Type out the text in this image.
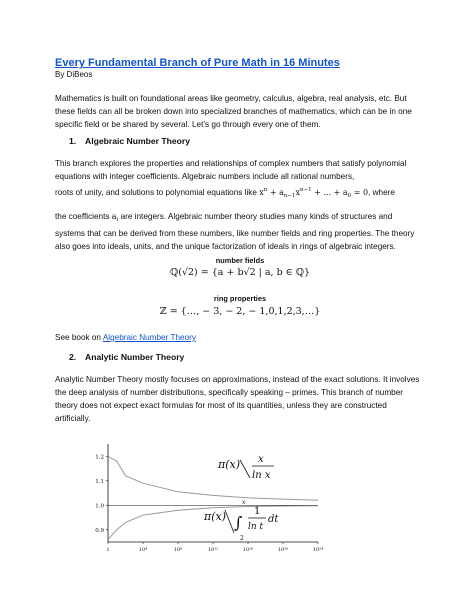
Every Fundamental Branch of Pure Math in 16 Minutes
By DiBeos
Mathematics is built on foundational areas like geometry, calculus, algebra, real analysis, etc. But these fields can all be broken down into specialized branches of mathematics, which can be in one specific field or be shared by several. Let’s go through every one of them.
1. Algebraic Number Theory
This branch explores the properties and relationships of complex numbers that satisfy polynomial equations with integer coefficients. Algebraic numbers include all rational numbers,
roots of unity, and solutions to polynomial equations like $x^n + a_{n-1}x^{n-1}$ + ... + $a_0 = 0$, where
the coefficients $a_i$ are integers. Algebraic number theory studies many kinds of structures and systems that can be derived from these numbers, like number fields and ring properties. The theory also goes into ideals, units, and the unique factorization of ideals in rings of algebraic integers.
number fields
ℚ(√2) = {a + b√2 | a, b ∈ ℚ}
ring properties
ℤ = {…, − 3, − 2, − 1,0,1,2,3,…}
See book on Algebraic Number Theory
2. Analytic Number Theory
Analytic Number Theory mostly focuses on approximations, instead of the exact solutions. It involves the deep analysis of number distributions, specifically speaking – primes. This branch of number theory does not expect exact formulas for most of its quantities, unless they are constructed artificially.
0.9
1.0
1.1
1.2
1	10⁴	10⁸	10¹²	10¹⁶	10²⁰	10²⁴
π(x) x
ln x
π(x) ∫
x
2
1
ln t
dt
